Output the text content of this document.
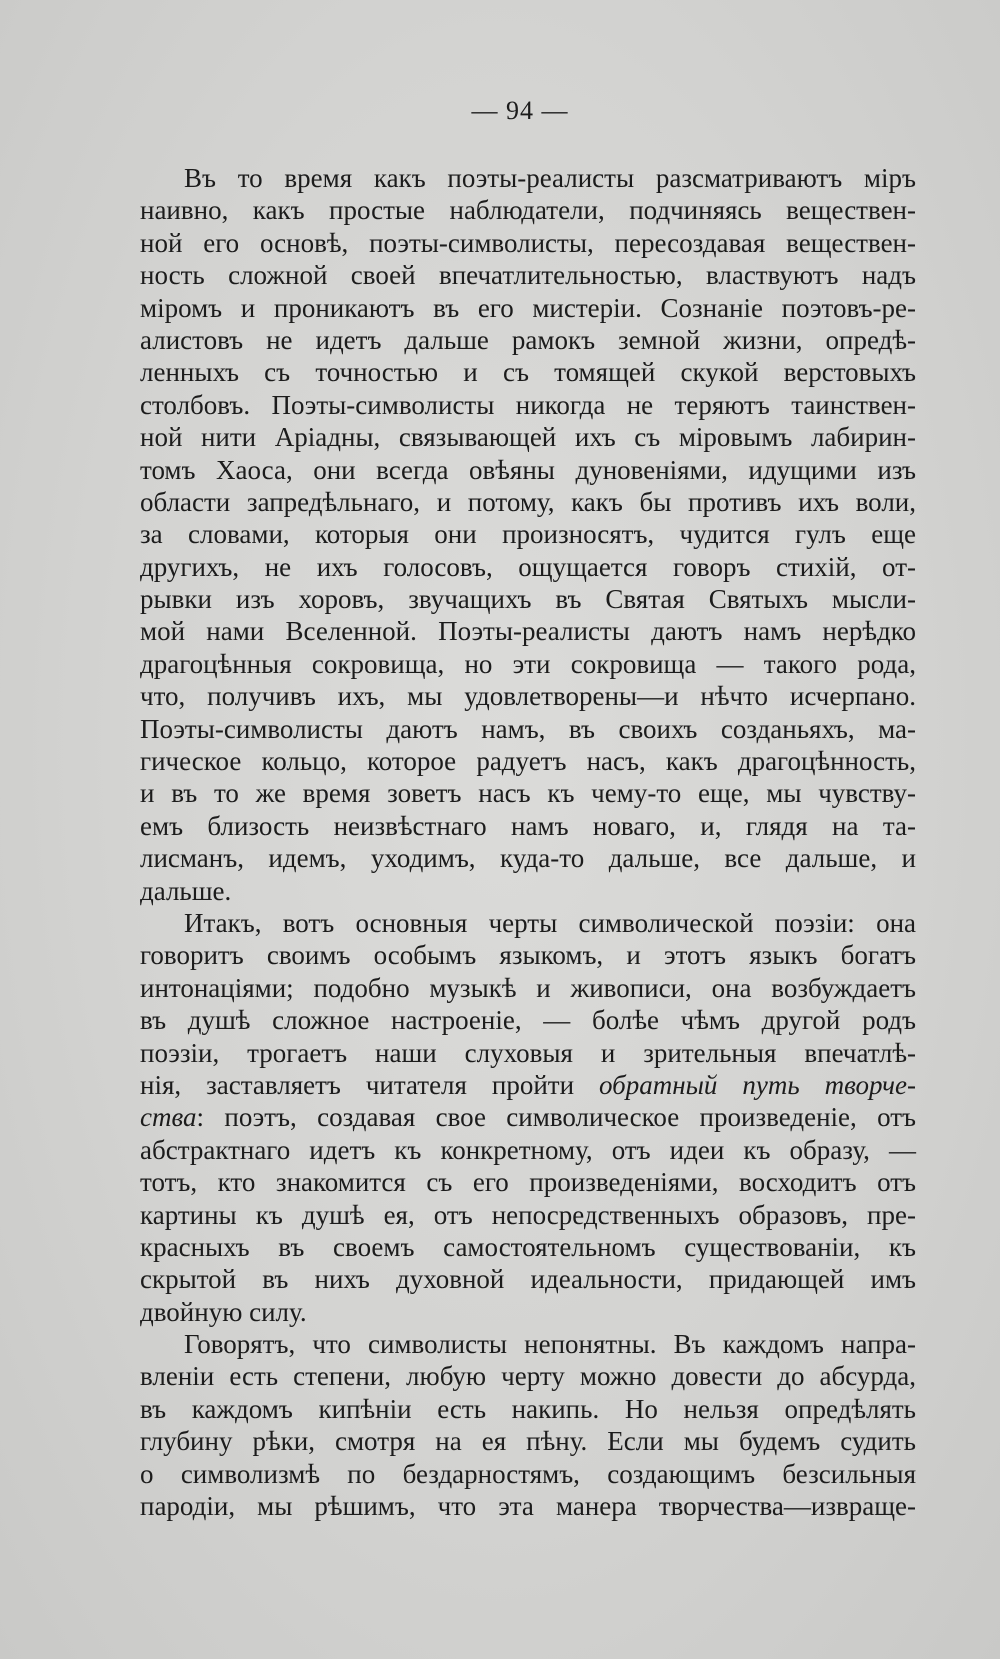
— 94 —

Въ то время какъ поэты-реалисты разсматриваютъ міръ
наивно, какъ простые наблюдатели, подчиняясь веществен-
ной его основѣ, поэты-символисты, пересоздавая веществен-
ность сложной своей впечатлительностью, властвуютъ надъ
міромъ и проникаютъ въ его мистеріи. Сознаніе поэтовъ-ре-
алистовъ не идетъ дальше рамокъ земной жизни, опредѣ-
ленныхъ съ точностью и съ томящей скукой верстовыхъ
столбовъ. Поэты-символисты никогда не теряютъ таинствен-
ной нити Аріадны, связывающей ихъ съ міровымъ лабирин-
томъ Хаоса, они всегда овѣяны дуновеніями, идущими изъ
области запредѣльнаго, и потому, какъ бы противъ ихъ воли,
за словами, которыя они произносятъ, чудится гулъ еще
другихъ, не ихъ голосовъ, ощущается говоръ стихій, от-
рывки изъ хоровъ, звучащихъ въ Святая Святыхъ мысли-
мой нами Вселенной. Поэты-реалисты даютъ намъ нерѣдко
драгоцѣнныя сокровища, но эти сокровища — такого рода,
что, получивъ ихъ, мы удовлетворены—и нѣчто исчерпано.
Поэты-символисты даютъ намъ, въ своихъ созданьяхъ, ма-
гическое кольцо, которое радуетъ насъ, какъ драгоцѣнность,
и въ то же время зоветъ насъ къ чему-то еще, мы чувству-
емъ близость неизвѣстнаго намъ новаго, и, глядя на та-
лисманъ, идемъ, уходимъ, куда-то дальше, все дальше, и
дальше.
Итакъ, вотъ основныя черты символической поэзіи: она
говоритъ своимъ особымъ языкомъ, и этотъ языкъ богатъ
интонаціями; подобно музыкѣ и живописи, она возбуждаетъ
въ душѣ сложное настроеніе, — болѣе чѣмъ другой родъ
поэзіи, трогаетъ наши слуховыя и зрительныя впечатлѣ-
нія, заставляетъ читателя пройти обратный путь творче-
ства: поэтъ, создавая свое символическое произведеніе, отъ
абстрактнаго идетъ къ конкретному, отъ идеи къ образу, —
тотъ, кто знакомится съ его произведеніями, восходитъ отъ
картины къ душѣ ея, отъ непосредственныхъ образовъ, пре-
красныхъ въ своемъ самостоятельномъ существованіи, къ
скрытой въ нихъ духовной идеальности, придающей имъ
двойную силу.
Говорятъ, что символисты непонятны. Въ каждомъ напра-
вленіи есть степени, любую черту можно довести до абсурда,
въ каждомъ кипѣніи есть накипь. Но нельзя опредѣлять
глубину рѣки, смотря на ея пѣну. Если мы будемъ судить
о символизмѣ по бездарностямъ, создающимъ безсильныя
пародіи, мы рѣшимъ, что эта манера творчества—извраще-
